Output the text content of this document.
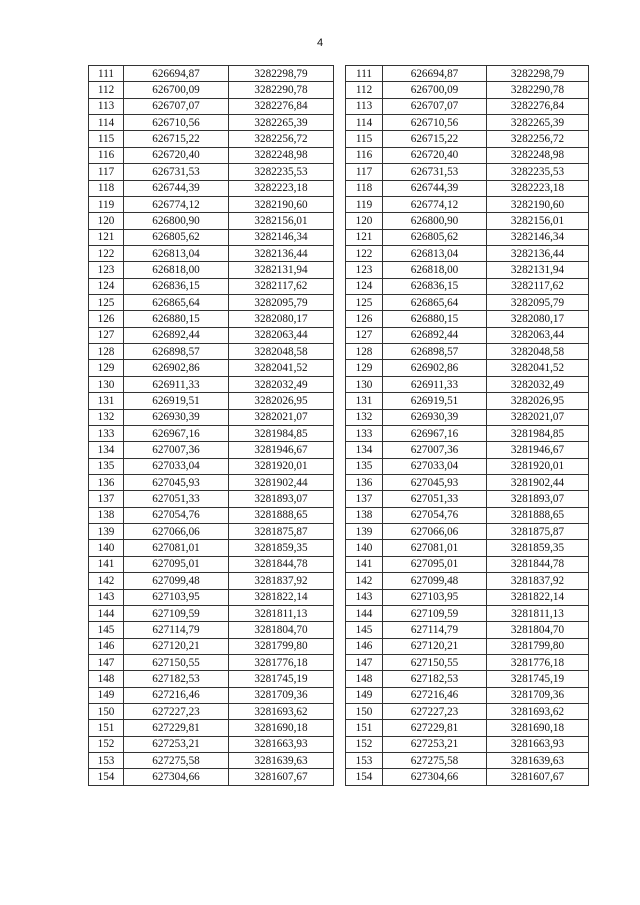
4
111	626694,87	3282298,79
112	626700,09	3282290,78
113	626707,07	3282276,84
114	626710,56	3282265,39
115	626715,22	3282256,72
116	626720,40	3282248,98
117	626731,53	3282235,53
118	626744,39	3282223,18
119	626774,12	3282190,60
120	626800,90	3282156,01
121	626805,62	3282146,34
122	626813,04	3282136,44
123	626818,00	3282131,94
124	626836,15	3282117,62
125	626865,64	3282095,79
126	626880,15	3282080,17
127	626892,44	3282063,44
128	626898,57	3282048,58
129	626902,86	3282041,52
130	626911,33	3282032,49
131	626919,51	3282026,95
132	626930,39	3282021,07
133	626967,16	3281984,85
134	627007,36	3281946,67
135	627033,04	3281920,01
136	627045,93	3281902,44
137	627051,33	3281893,07
138	627054,76	3281888,65
139	627066,06	3281875,87
140	627081,01	3281859,35
141	627095,01	3281844,78
142	627099,48	3281837,92
143	627103,95	3281822,14
144	627109,59	3281811,13
145	627114,79	3281804,70
146	627120,21	3281799,80
147	627150,55	3281776,18
148	627182,53	3281745,19
149	627216,46	3281709,36
150	627227,23	3281693,62
151	627229,81	3281690,18
152	627253,21	3281663,93
153	627275,58	3281639,63
154	627304,66	3281607,67
111	626694,87	3282298,79
112	626700,09	3282290,78
113	626707,07	3282276,84
114	626710,56	3282265,39
115	626715,22	3282256,72
116	626720,40	3282248,98
117	626731,53	3282235,53
118	626744,39	3282223,18
119	626774,12	3282190,60
120	626800,90	3282156,01
121	626805,62	3282146,34
122	626813,04	3282136,44
123	626818,00	3282131,94
124	626836,15	3282117,62
125	626865,64	3282095,79
126	626880,15	3282080,17
127	626892,44	3282063,44
128	626898,57	3282048,58
129	626902,86	3282041,52
130	626911,33	3282032,49
131	626919,51	3282026,95
132	626930,39	3282021,07
133	626967,16	3281984,85
134	627007,36	3281946,67
135	627033,04	3281920,01
136	627045,93	3281902,44
137	627051,33	3281893,07
138	627054,76	3281888,65
139	627066,06	3281875,87
140	627081,01	3281859,35
141	627095,01	3281844,78
142	627099,48	3281837,92
143	627103,95	3281822,14
144	627109,59	3281811,13
145	627114,79	3281804,70
146	627120,21	3281799,80
147	627150,55	3281776,18
148	627182,53	3281745,19
149	627216,46	3281709,36
150	627227,23	3281693,62
151	627229,81	3281690,18
152	627253,21	3281663,93
153	627275,58	3281639,63
154	627304,66	3281607,67
